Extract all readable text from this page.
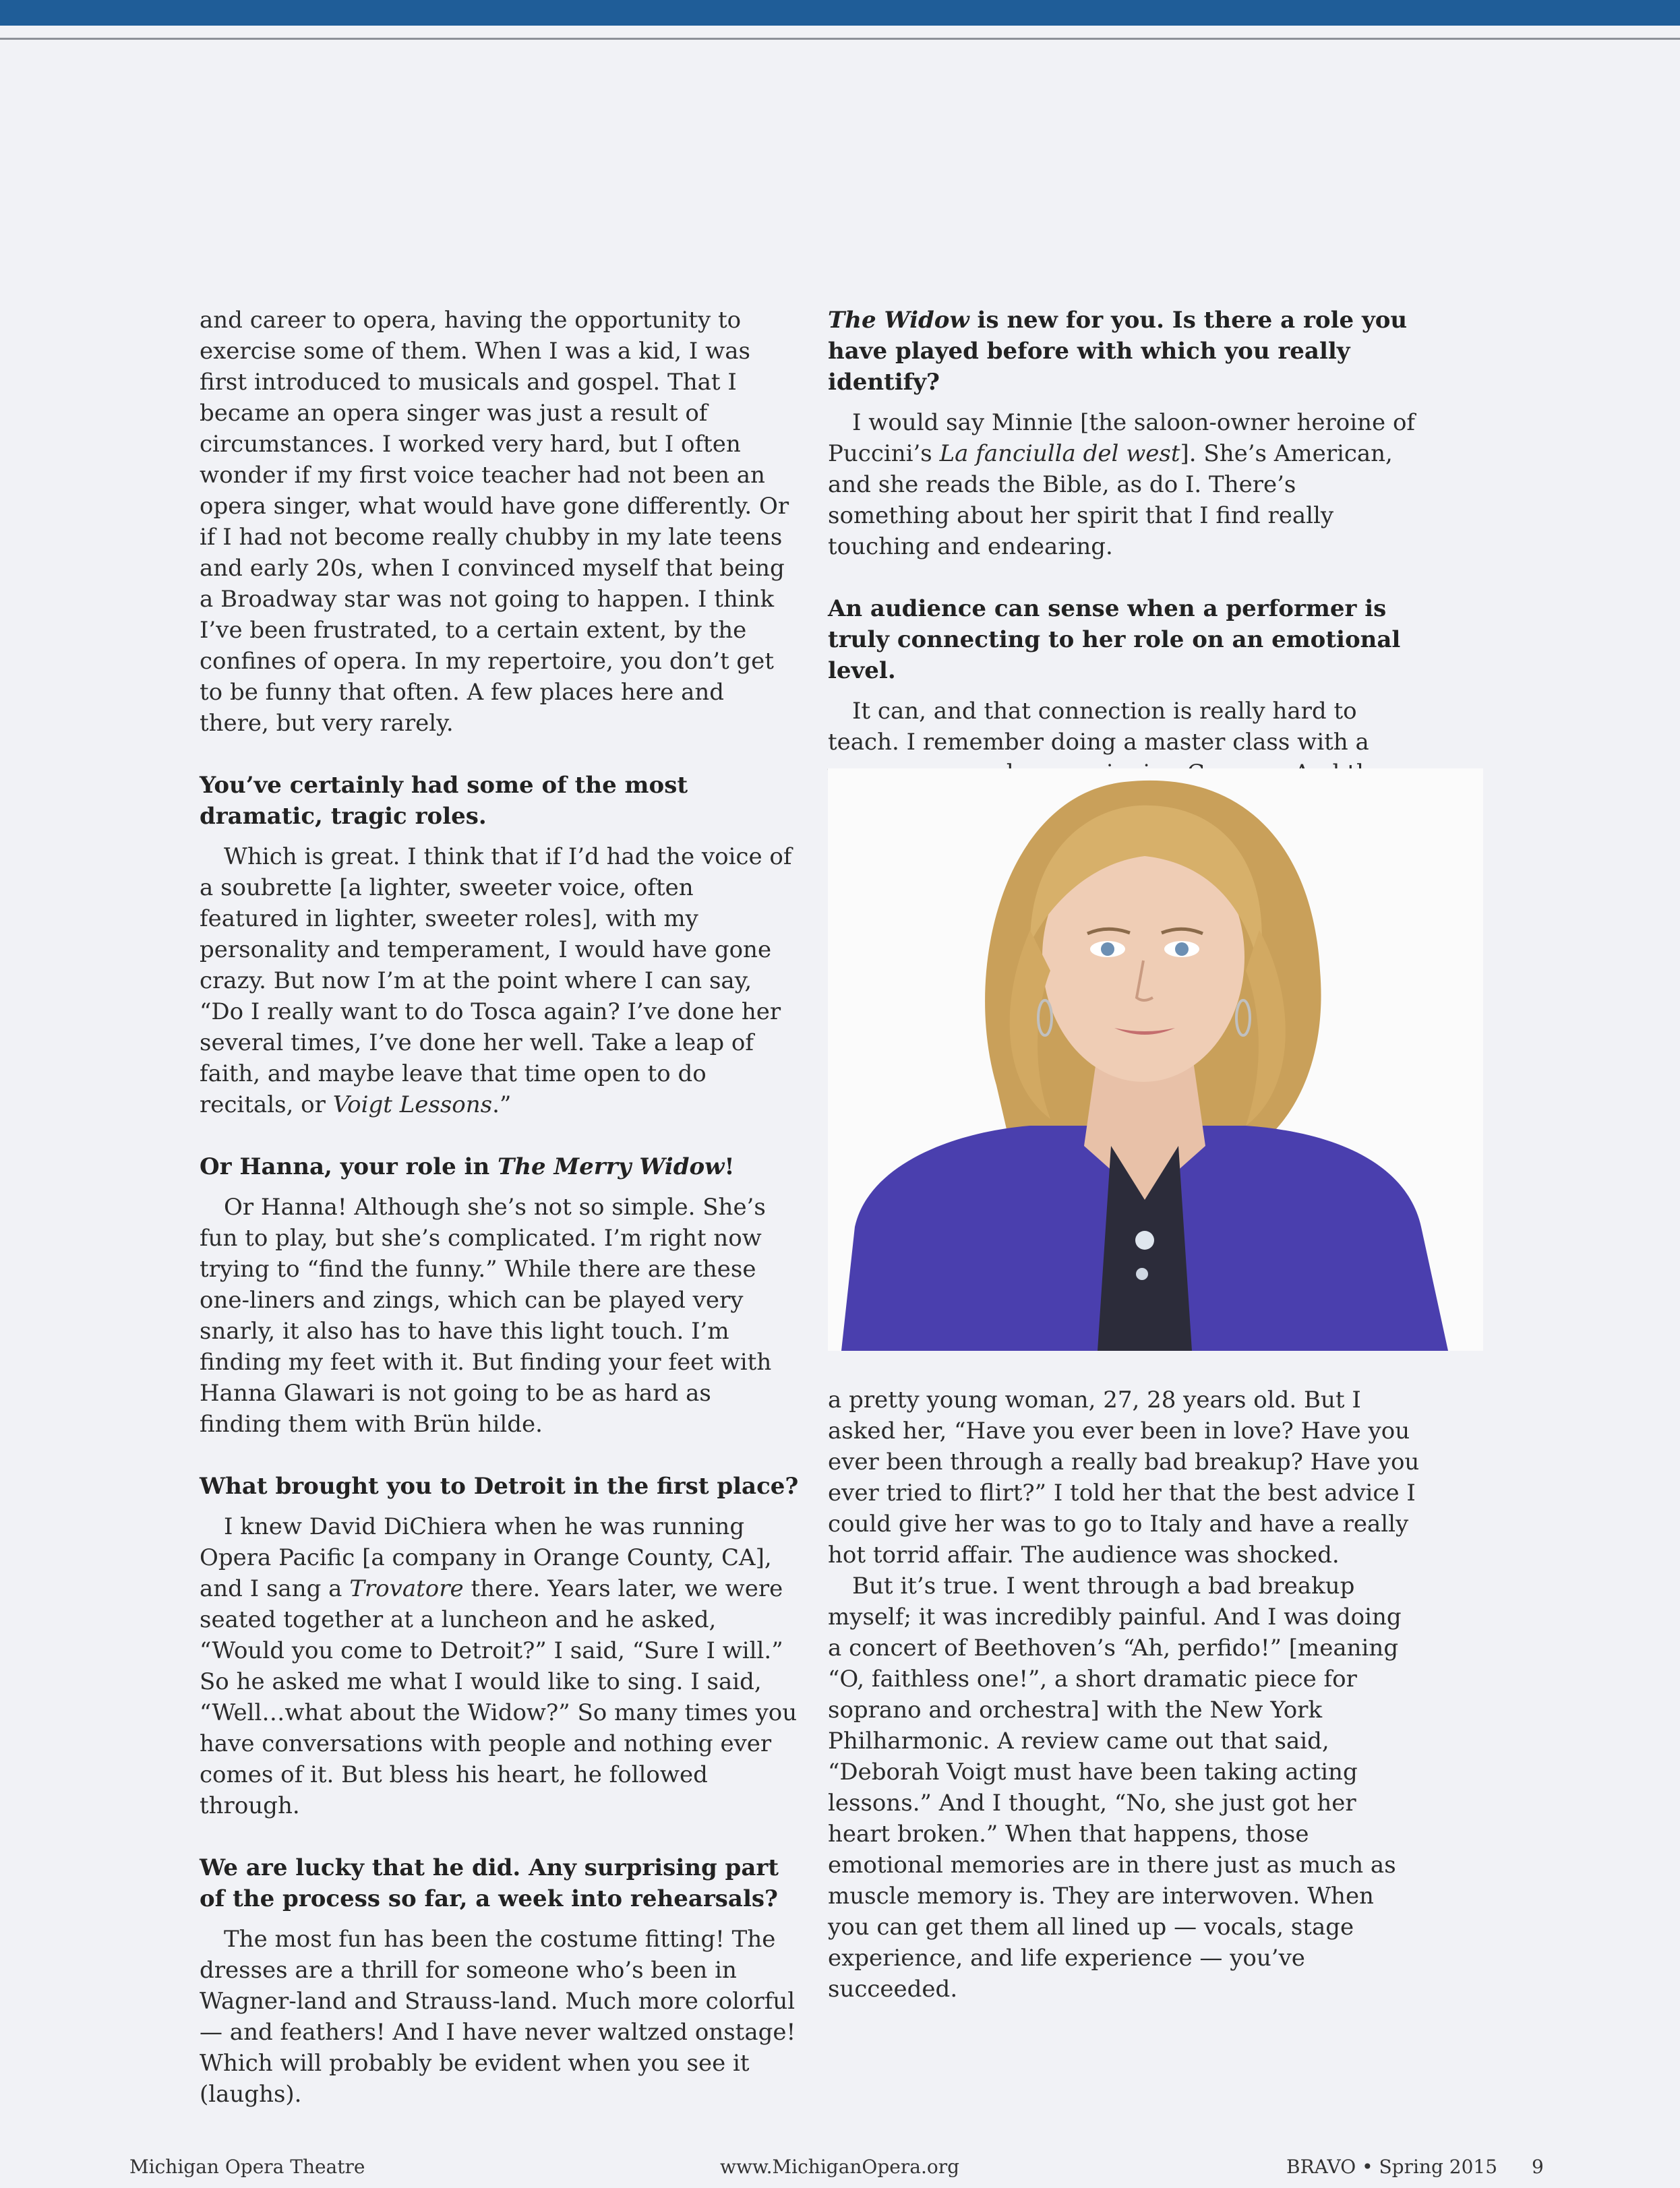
and career to opera, having the opportunity to exercise some of them. When I was a kid, I was first introduced to musicals and gospel. That I became an opera singer was just a result of circumstances. I worked very hard, but I often wonder if my first voice teacher had not been an opera singer, what would have gone differently. Or if I had not become really chubby in my late teens and early 20s, when I convinced myself that being a Broadway star was not going to happen. I think I’ve been frustrated, to a certain extent, by the confines of opera. In my repertoire, you don’t get to be funny that often. A few places here and there, but very rarely.

You’ve certainly had some of the most dramatic, tragic roles.

Which is great. I think that if I’d had the voice of a soubrette [a lighter, sweeter voice, often featured in lighter, sweeter roles], with my personality and temperament, I would have gone crazy. But now I’m at the point where I can say, “Do I really want to do Tosca again? I’ve done her several times, I’ve done her well. Take a leap of faith, and maybe leave that time open to do recitals, or Voigt Lessons.”

Or Hanna, your role in The Merry Widow!

Or Hanna! Although she’s not so simple. She’s fun to play, but she’s complicated. I’m right now trying to “find the funny.” While there are these one-liners and zings, which can be played very snarly, it also has to have this light touch. I’m finding my feet with it. But finding your feet with Hanna Glawari is not going to be as hard as finding them with Brün hilde.

What brought you to Detroit in the first place?

I knew David DiChiera when he was running Opera Pacific [a company in Orange County, CA], and I sang a Trovatore there. Years later, we were seated together at a luncheon and he asked, “Would you come to Detroit?” I said, “Sure I will.” So he asked me what I would like to sing. I said, “Well…what about the Widow?” So many times you have conversations with people and nothing ever comes of it. But bless his heart, he followed through.

We are lucky that he did. Any surprising part of the process so far, a week into rehearsals?

The most fun has been the costume fitting! The dresses are a thrill for someone who’s been in Wagner-land and Strauss-land. Much more colorful — and feathers! And I have never waltzed onstage! Which will probably be evident when you see it (laughs).

The Widow is new for you. Is there a role you have played before with which you really identify?

I would say Minnie [the saloon-owner heroine of Puccini’s La fanciulla del west]. She’s American, and she reads the Bible, as do I. There’s something about her spirit that I find really touching and endearing.

An audience can sense when a performer is truly connecting to her role on an emotional level.

It can, and that connection is really hard to teach. I remember doing a master class with a

a pretty young woman, 27, 28 years old. But I asked her, “Have you ever been in love? Have you ever been through a really bad breakup? Have you ever tried to flirt?” I told her that the best advice I could give her was to go to Italy and have a really hot torrid affair. The audience was shocked.

But it’s true. I went through a bad breakup myself; it was incredibly painful. And I was doing a concert of Beethoven’s “Ah, perfido!” [meaning “O, faithless one!”, a short dramatic piece for soprano and orchestra] with the New York Philharmonic. A review came out that said, “Deborah Voigt must have been taking acting lessons.” And I thought, “No, she just got her heart broken.” When that happens, those emotional memories are in there just as much as muscle memory is. They are interwoven. When you can get them all lined up — vocals, stage experience, and life experience — you’ve succeeded.

Michigan Opera Theatre	www.MichiganOpera.org	BRAVO • Spring 2015 9
